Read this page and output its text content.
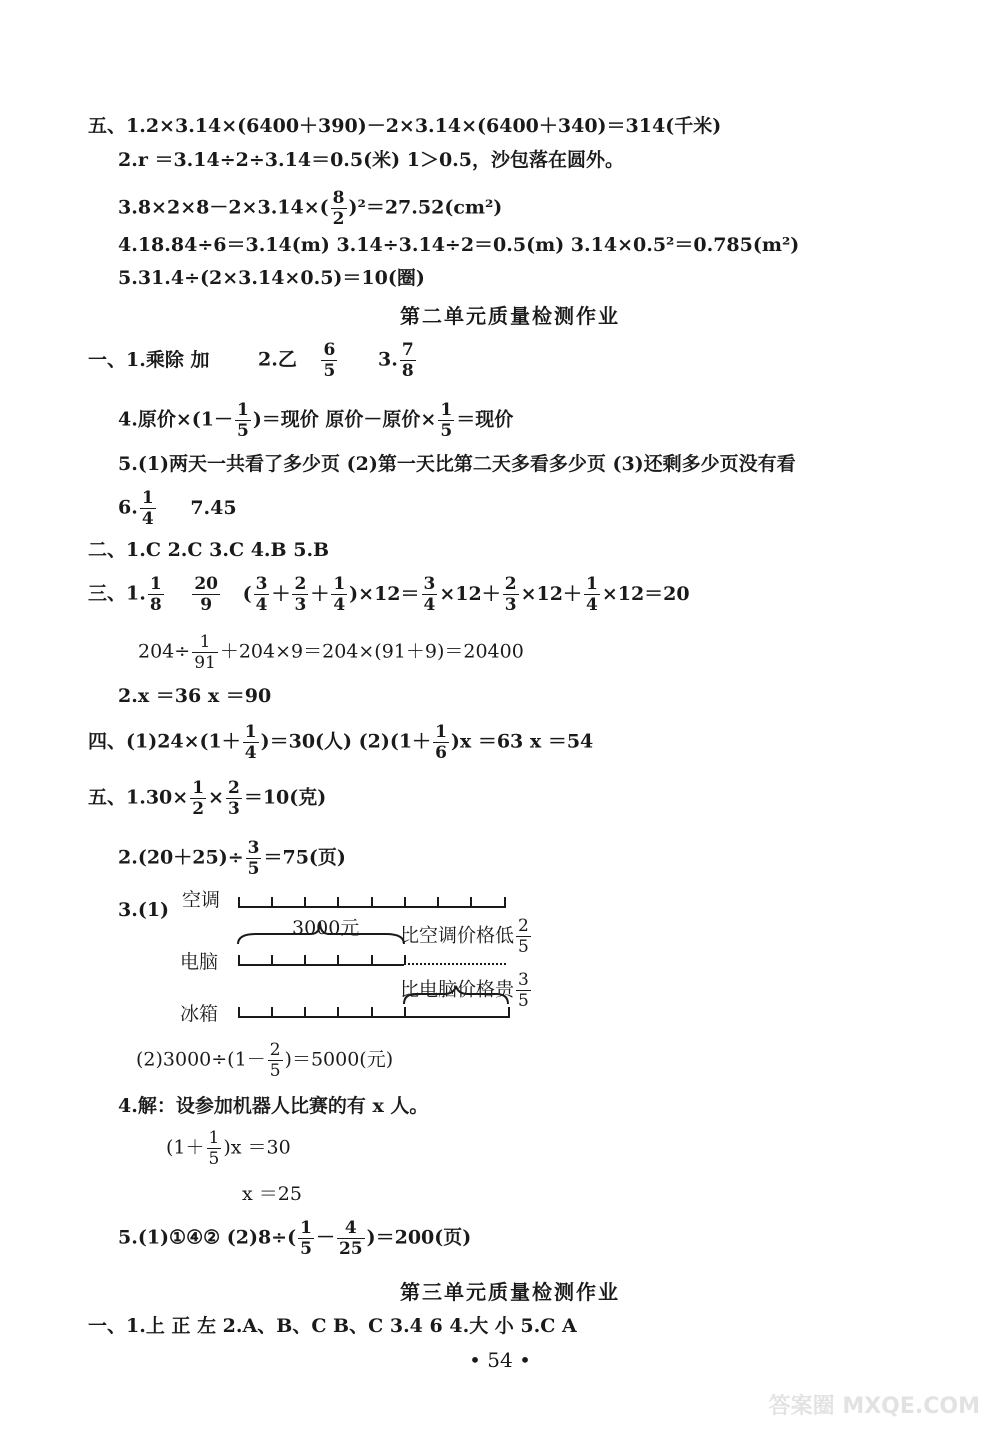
五、1.2×3.14×(6400＋390)－2×3.14×(6400＋340)＝314(千米)
2.r ＝3.14÷2÷3.14＝0.5(米) 1＞0.5，沙包落在圆外。
$3.8\times 2\times 8-2\times 3.14\times( \frac{8}{2} )^2=27.52(cm^2)$
4.18.84÷6＝3.14(m) 3.14÷3.14÷2＝0.5(m) 3.14×0.5²＝0.785(m²)
5.31.4÷(2×3.14×0.5)＝10(圈)
第二单元质量检测作业
一、1.乘除 加	2.乙 $\frac{6}{5} 3$. $\frac{7}{8}$
4.原价$\times(1- \frac{1}{5}$ )＝现价 原价－原价× $\frac{1}{5}$ ＝现价
5.(1)两天一共看了多少页 (2)第一天比第二天多看多少页 (3)还剩多少页没有看
6. $\frac{1}{4} 7.45$
二、1.C 2.C 3.C 4.B 5.B
三、1. $\frac{1}{8}$
$\frac{20}{9}$ ( $\frac{3}{4} + \frac{2}{3} + \frac{1}{4} )\times 12= \frac{3}{4} \times 12+ \frac{2}{3} \times 12+ \frac{1}{4} \times 12=20$
$204\div \frac{1}{91} +204\times 9=204\times(91+9)=20400$
2.x ＝36 x ＝90
四、$(1)24\times(1+ \frac{1}{4} )=30$(人) $(2)(1+ \frac{1}{6} )x =63$ x ＝54
五、$1.30\times \frac{1}{2} \times \frac{2}{3} =10$(克)
$2.(20+25)\div \frac{3}{5} =75$(页)
3.(1) 空调
3000元 比空调价格低 $\frac{2}{5}$
电脑
比电脑价格贵 $\frac{3}{5}$
冰箱
$(2)3000\div(1- \frac{2}{5} )=5000$(元)
4.解：设参加机器人比赛的有 x 人。
$(1+ \frac{1}{5} )x =30$
x ＝25
5.(1)①④② $(2)8\div( \frac{1}{5} - \frac{4}{25} )=200$(页)
第三单元质量检测作业
一、1.上 正 左 2.A、B、C B、C 3.4 6 4.大 小 5.C A
• 54 •
答案圈 MXQE.COM
